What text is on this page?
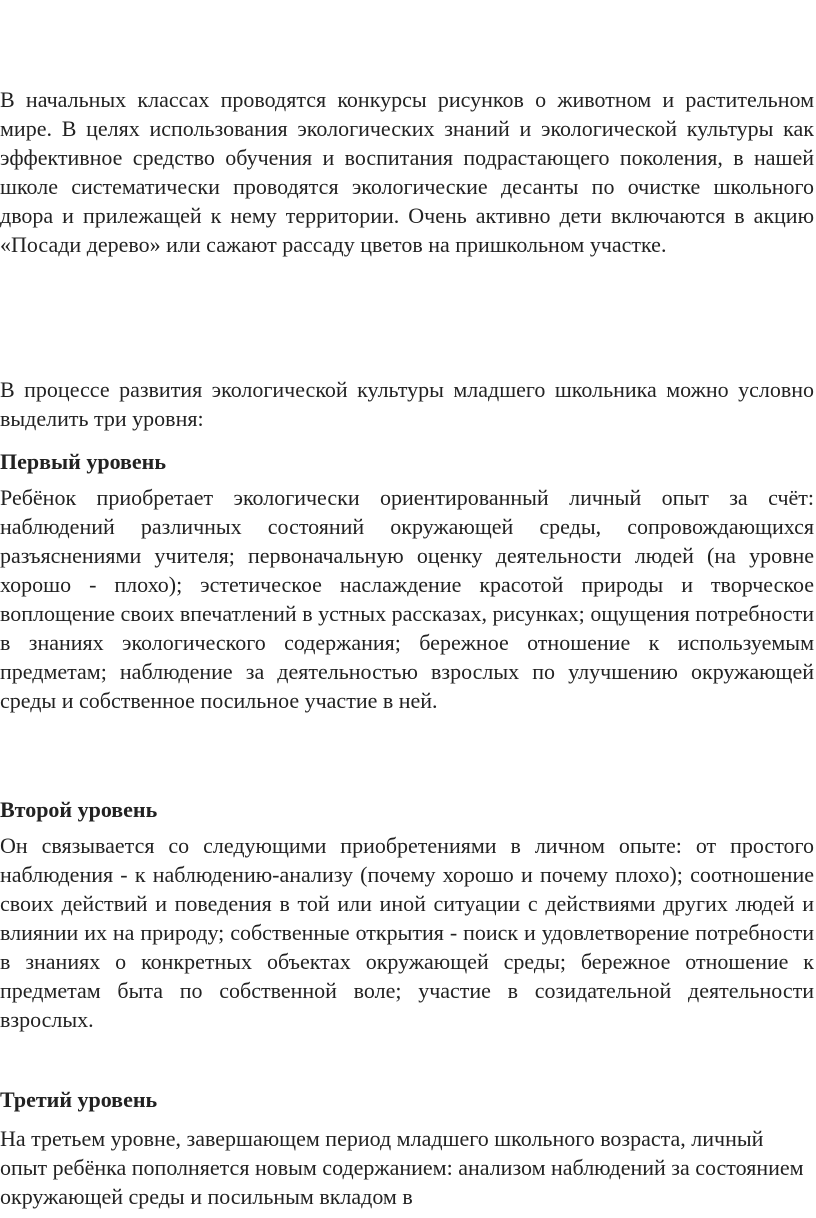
В начальных классах проводятся конкурсы рисунков о животном и растительном мире. В целях использования экологических знаний и экологической культуры как эффективное средство обучения и воспитания подрастающего поколения, в нашей школе систематически проводятся экологические десанты по очистке школьного двора и прилежащей к нему территории. Очень активно дети включаются в акцию «Посади дерево» или сажают рассаду цветов на пришкольном участке.

В процессе развития экологической культуры младшего школьника можно условно выделить три уровня:

Первый уровень

Ребёнок приобретает экологически ориентированный личный опыт за счёт: наблюдений различных состояний окружающей среды, сопровождающихся разъяснениями учителя; первоначальную оценку деятельности людей (на уровне хорошо - плохо); эстетическое наслаждение красотой природы и творческое воплощение своих впечатлений в устных рассказах, рисунках; ощущения потребности в знаниях экологического содержания; бережное отношение к используемым предметам; наблюдение за деятельностью взрослых по улучшению окружающей среды и собственное посильное участие в ней.

Второй уровень

Он связывается со следующими приобретениями в личном опыте: от простого наблюдения - к наблюдению-анализу (почему хорошо и почему плохо); соотношение своих действий и поведения в той или иной ситуации с действиями других людей и влиянии их на природу; собственные открытия - поиск и удовлетворение потребности в знаниях о конкретных объектах окружающей среды; бережное отношение к предметам быта по собственной воле; участие в созидательной деятельности взрослых.

Третий уровень

На третьем уровне, завершающем период младшего школьного возраста, личный опыт ребёнка пополняется новым содержанием: анализом наблюдений за состоянием окружающей среды и посильным вкладом в
